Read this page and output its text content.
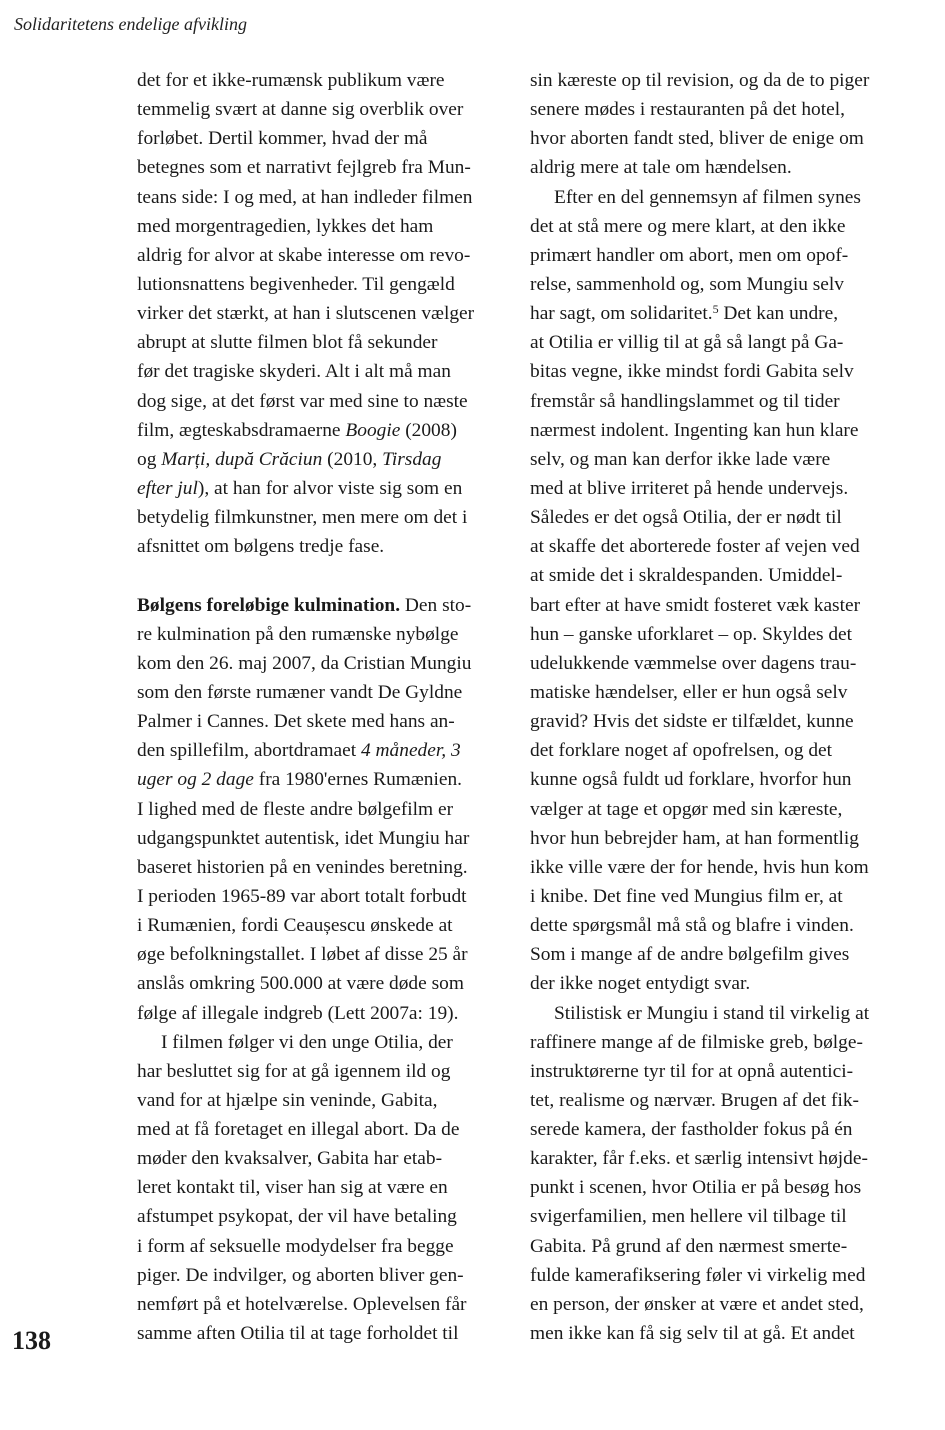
Solidaritetens endelige afvikling
det for et ikke-rumænsk publikum være
temmelig svært at danne sig overblik over
forløbet. Dertil kommer, hvad der må
betegnes som et narrativt fejlgreb fra Mun-
teans side: I og med, at han indleder filmen
med morgentragedien, lykkes det ham
aldrig for alvor at skabe interesse om revo-
lutionsnattens begivenheder. Til gengæld
virker det stærkt, at han i slutscenen vælger
abrupt at slutte filmen blot få sekunder
før det tragiske skyderi. Alt i alt må man
dog sige, at det først var med sine to næste
film, ægteskabsdramaerne Boogie (2008)
og Marți, după Crăciun (2010, Tirsdag
efter jul), at han for alvor viste sig som en
betydelig filmkunstner, men mere om det i
afsnittet om bølgens tredje fase.
Bølgens foreløbige kulmination. Den sto-
re kulmination på den rumænske nybølge
kom den 26. maj 2007, da Cristian Mungiu
som den første rumæner vandt De Gyldne
Palmer i Cannes. Det skete med hans an-
den spillefilm, abortdramaet 4 måneder, 3
uger og 2 dage fra 1980'ernes Rumænien.
I lighed med de fleste andre bølgefilm er
udgangspunktet autentisk, idet Mungiu har
baseret historien på en venindes beretning.
I perioden 1965-89 var abort totalt forbudt
i Rumænien, fordi Ceaușescu ønskede at
øge befolkningstallet. I løbet af disse 25 år
anslås omkring 500.000 at være døde som
følge af illegale indgreb (Lett 2007a: 19).
I filmen følger vi den unge Otilia, der
har besluttet sig for at gå igennem ild og
vand for at hjælpe sin veninde, Gabita,
med at få foretaget en illegal abort. Da de
møder den kvaksalver, Gabita har etab-
leret kontakt til, viser han sig at være en
afstumpet psykopat, der vil have betaling
i form af seksuelle modydelser fra begge
piger. De indvilger, og aborten bliver gen-
nemført på et hotelværelse. Oplevelsen får
samme aften Otilia til at tage forholdet til
sin kæreste op til revision, og da de to piger
senere mødes i restauranten på det hotel,
hvor aborten fandt sted, bliver de enige om
aldrig mere at tale om hændelsen.
Efter en del gennemsyn af filmen synes
det at stå mere og mere klart, at den ikke
primært handler om abort, men om opof-
relse, sammenhold og, som Mungiu selv
har sagt, om solidaritet.$^5$ Det kan undre,
at Otilia er villig til at gå så langt på Ga-
bitas vegne, ikke mindst fordi Gabita selv
fremstår så handlingslammet og til tider
nærmest indolent. Ingenting kan hun klare
selv, og man kan derfor ikke lade være
med at blive irriteret på hende undervejs.
Således er det også Otilia, der er nødt til
at skaffe det aborterede foster af vejen ved
at smide det i skraldespanden. Umiddel-
bart efter at have smidt fosteret væk kaster
hun – ganske uforklaret – op. Skyldes det
udelukkende væmmelse over dagens trau-
matiske hændelser, eller er hun også selv
gravid? Hvis det sidste er tilfældet, kunne
det forklare noget af opofrelsen, og det
kunne også fuldt ud forklare, hvorfor hun
vælger at tage et opgør med sin kæreste,
hvor hun bebrejder ham, at han formentlig
ikke ville være der for hende, hvis hun kom
i knibe. Det fine ved Mungius film er, at
dette spørgsmål må stå og blafre i vinden.
Som i mange af de andre bølgefilm gives
der ikke noget entydigt svar.
Stilistisk er Mungiu i stand til virkelig at
raffinere mange af de filmiske greb, bølge-
instruktørerne tyr til for at opnå autentici-
tet, realisme og nærvær. Brugen af det fik-
serede kamera, der fastholder fokus på én
karakter, får f.eks. et særlig intensivt højde-
punkt i scenen, hvor Otilia er på besøg hos
svigerfamilien, men hellere vil tilbage til
Gabita. På grund af den nærmest smerte-
fulde kamerafiksering føler vi virkelig med
en person, der ønsker at være et andet sted,
men ikke kan få sig selv til at gå. Et andet
138
